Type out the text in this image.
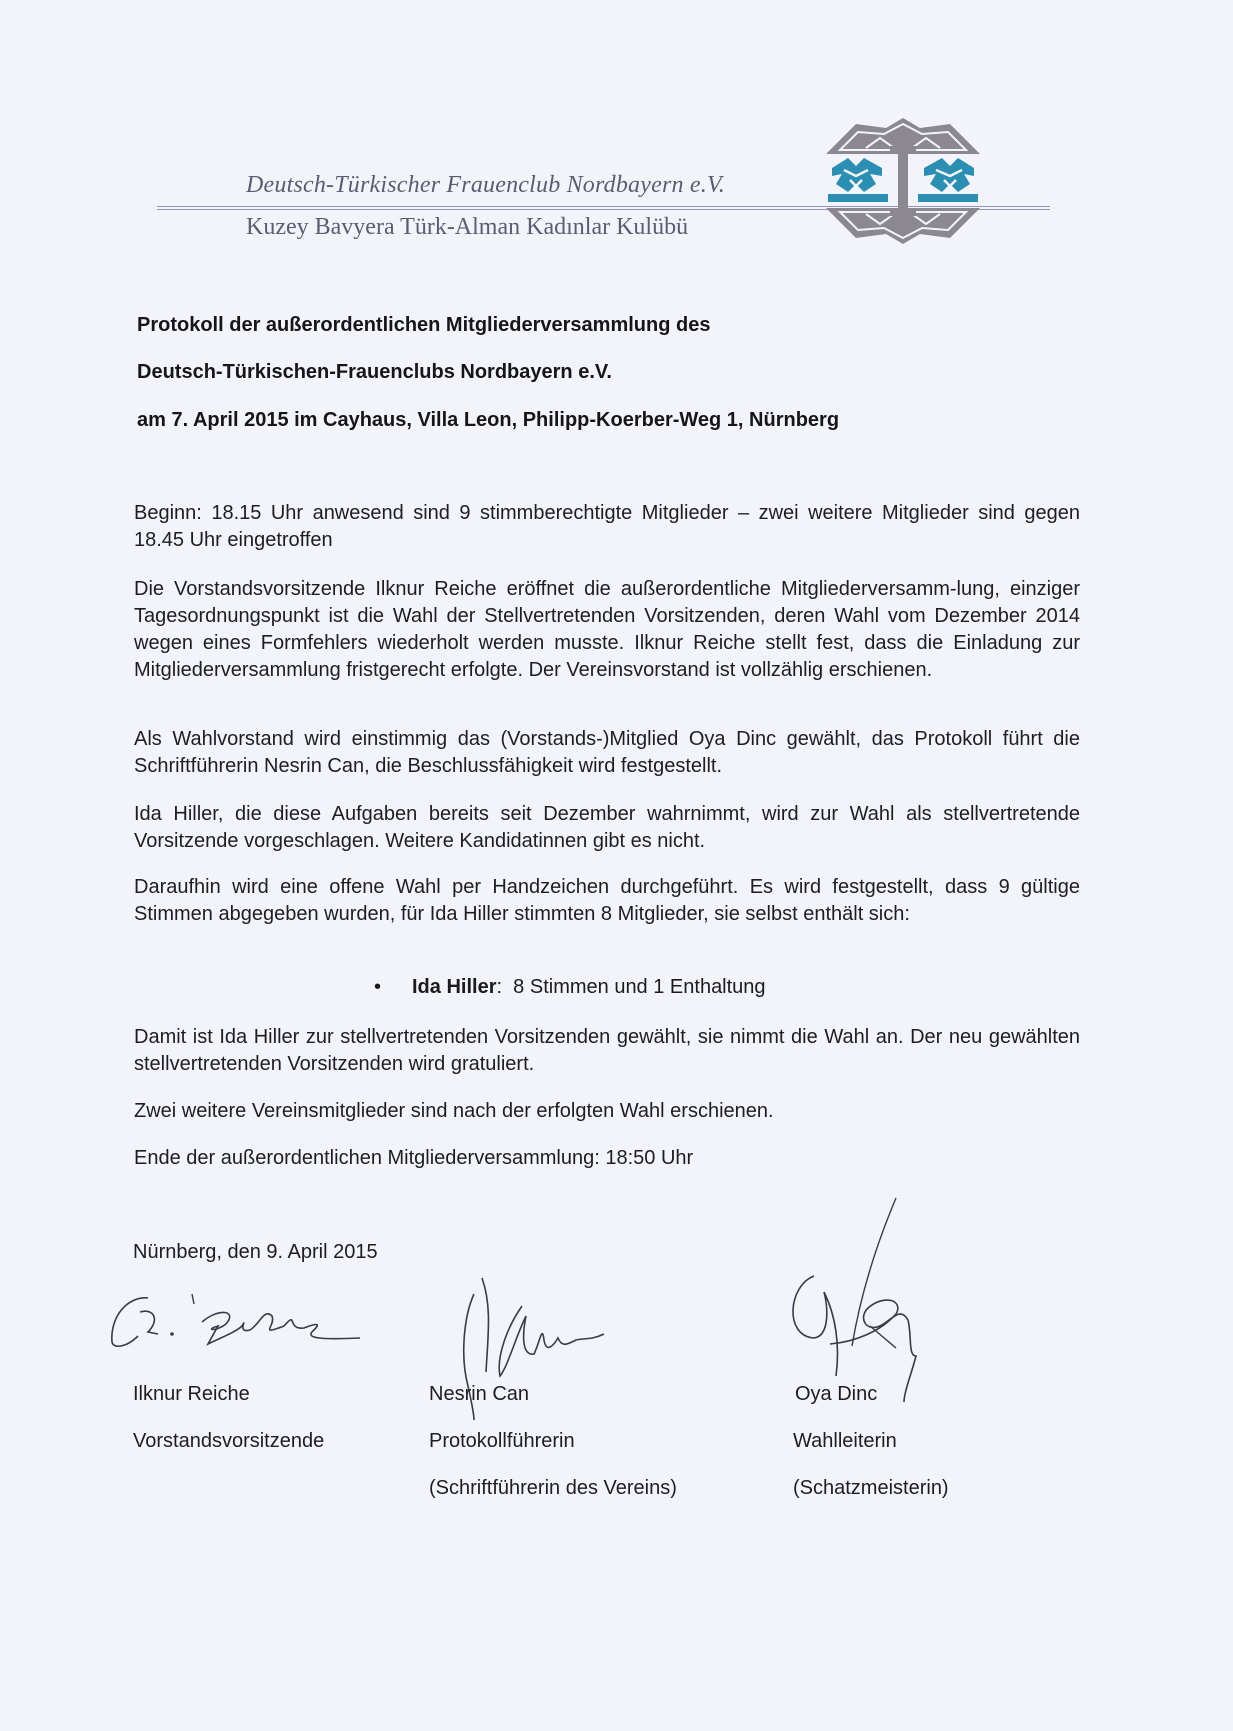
Deutsch-Türkischer Frauenclub Nordbayern e.V.
Kuzey Bavyera Türk-Alman Kadınlar Kulübü
Protokoll der außerordentlichen Mitgliederversammlung des
Deutsch-Türkischen-Frauenclubs Nordbayern e.V.
am 7. April 2015 im Cayhaus, Villa Leon, Philipp-Koerber-Weg 1, Nürnberg
Beginn: 18.15 Uhr anwesend sind 9 stimmberechtigte Mitglieder – zwei weitere Mitglieder sind gegen 18.45 Uhr eingetroffen
Die Vorstandsvorsitzende Ilknur Reiche eröffnet die außerordentliche Mitgliederversamm-lung, einziger Tagesordnungspunkt ist die Wahl der Stellvertretenden Vorsitzenden, deren Wahl vom Dezember 2014 wegen eines Formfehlers wiederholt werden musste. Ilknur Reiche stellt fest, dass die Einladung zur Mitgliederversammlung fristgerecht erfolgte. Der Vereinsvorstand ist vollzählig erschienen.
Als Wahlvorstand wird einstimmig das (Vorstands-)Mitglied Oya Dinc gewählt, das Protokoll führt die Schriftführerin Nesrin Can, die Beschlussfähigkeit wird festgestellt.
Ida Hiller, die diese Aufgaben bereits seit Dezember wahrnimmt, wird zur Wahl als stellvertretende Vorsitzende vorgeschlagen. Weitere Kandidatinnen gibt es nicht.
Daraufhin wird eine offene Wahl per Handzeichen durchgeführt. Es wird festgestellt, dass 9 gültige Stimmen abgegeben wurden, für Ida Hiller stimmten 8 Mitglieder, sie selbst enthält sich:
• Ida Hiller: 8 Stimmen und 1 Enthaltung
Damit ist Ida Hiller zur stellvertretenden Vorsitzenden gewählt, sie nimmt die Wahl an. Der neu gewählten stellvertretenden Vorsitzenden wird gratuliert.
Zwei weitere Vereinsmitglieder sind nach der erfolgten Wahl erschienen.
Ende der außerordentlichen Mitgliederversammlung: 18:50 Uhr
Nürnberg, den 9. April 2015
Ilknur Reiche
Vorstandsvorsitzende
Nesrin Can
Protokollführerin
(Schriftführerin des Vereins)
Oya Dinc
Wahlleiterin
(Schatzmeisterin)
